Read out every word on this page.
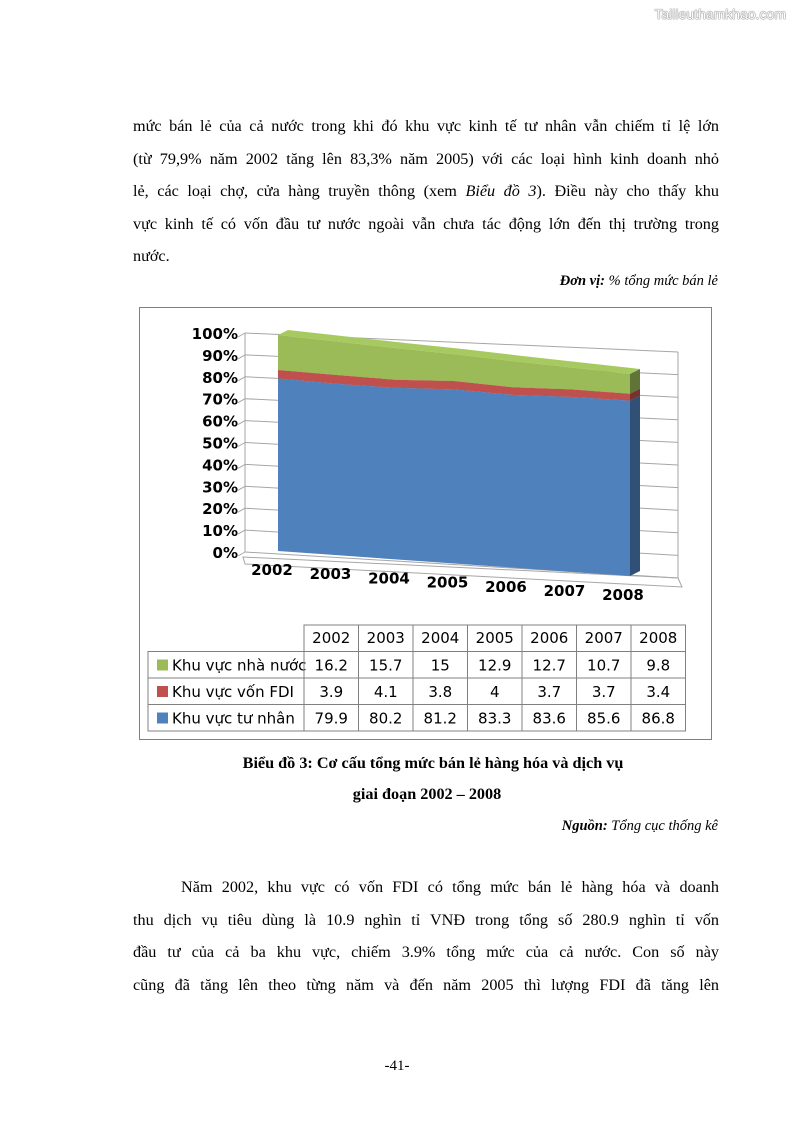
Tailieuthamkhao.com
mức bán lẻ của cả nước trong khi đó khu vực kinh tế tư nhân vẫn chiếm tỉ lệ lớn
(từ 79,9% năm 2002 tăng lên 83,3% năm 2005) với các loại hình kinh doanh nhỏ
lẻ, các loại chợ, cửa hàng truyền thông (xem Biểu đồ 3). Điều này cho thấy khu
vực kinh tế có vốn đầu tư nước ngoài vẫn chưa tác động lớn đến thị trường trong
nước.
Đơn vị: % tổng mức bán lẻ
0%
10%
20%
30%
40%
50%
60%
70%
80%
90%
100%
2002 2003 2004 2005 2006 2007 2008
2002 2003 2004 2005 2006 2007 2008
Khu vực nhà nước 16.2 15.7 15 12.9 12.7 10.7 9.8
Khu vực vốn FDI 3.9 4.1 3.8	4	3.7 3.7 3.4
Khu vực tư nhân 79.9 80.2 81.2 83.3 83.6 85.6 86.8
Biểu đồ 3: Cơ cấu tổng mức bán lẻ hàng hóa và dịch vụ
giai đoạn 2002 – 2008
Nguồn: Tổng cục thống kê
Năm 2002, khu vực có vốn FDI có tổng mức bán lẻ hàng hóa và doanh
thu dịch vụ tiêu dùng là 10.9 nghìn tỉ VNĐ trong tổng số 280.9 nghìn tỉ vốn
đầu tư của cả ba khu vực, chiếm 3.9% tổng mức của cả nước. Con số này
cũng đã tăng lên theo từng năm và đến năm 2005 thì lượng FDI đã tăng lên
-41-
